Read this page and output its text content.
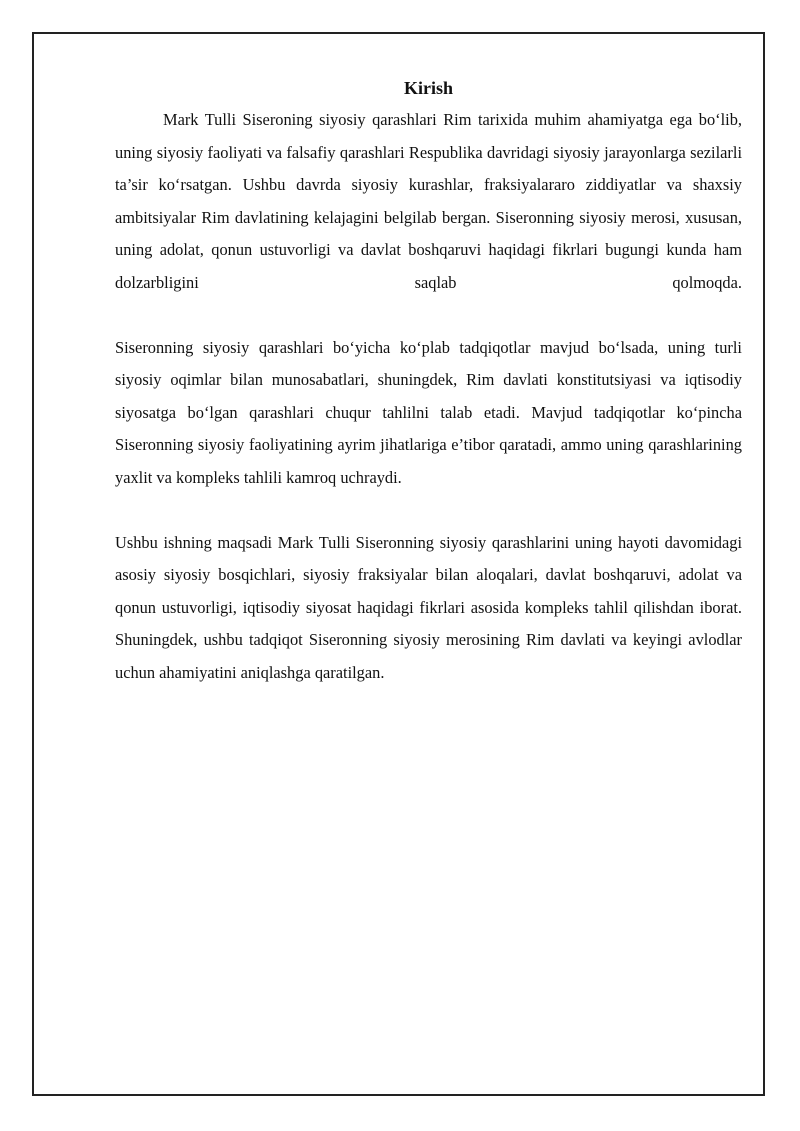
Kirish

Mark Tulli Siseroning siyosiy qarashlari Rim tarixida muhim ahamiyatga ega bo‘lib, uning siyosiy faoliyati va falsafiy qarashlari Respublika davridagi siyosiy jarayonlarga sezilarli ta’sir ko‘rsatgan. Ushbu davrda siyosiy kurashlar, fraksiyalararo ziddiyatlar va shaxsiy ambitsiyalar Rim davlatining kelajagini belgilab bergan. Siseronning siyosiy merosi, xususan, uning adolat, qonun ustuvorligi va davlat boshqaruvi haqidagi fikrlari bugungi kunda ham dolzarbligini saqlab qolmoqda.

Siseronning siyosiy qarashlari bo‘yicha ko‘plab tadqiqotlar mavjud bo‘lsada, uning turli siyosiy oqimlar bilan munosabatlari, shuningdek, Rim davlati konstitutsiyasi va iqtisodiy siyosatga bo‘lgan qarashlari chuqur tahlilni talab etadi. Mavjud tadqiqotlar ko‘pincha Siseronning siyosiy faoliyatining ayrim jihatlariga e’tibor qaratadi, ammo uning qarashlarining yaxlit va kompleks tahlili kamroq uchraydi.

Ushbu ishning maqsadi Mark Tulli Siseronning siyosiy qarashlarini uning hayoti davomidagi asosiy siyosiy bosqichlari, siyosiy fraksiyalar bilan aloqalari, davlat boshqaruvi, adolat va qonun ustuvorligi, iqtisodiy siyosat haqidagi fikrlari asosida kompleks tahlil qilishdan iborat. Shuningdek, ushbu tadqiqot Siseronning siyosiy merosining Rim davlati va keyingi avlodlar uchun ahamiyatini aniqlashga qaratilgan.
